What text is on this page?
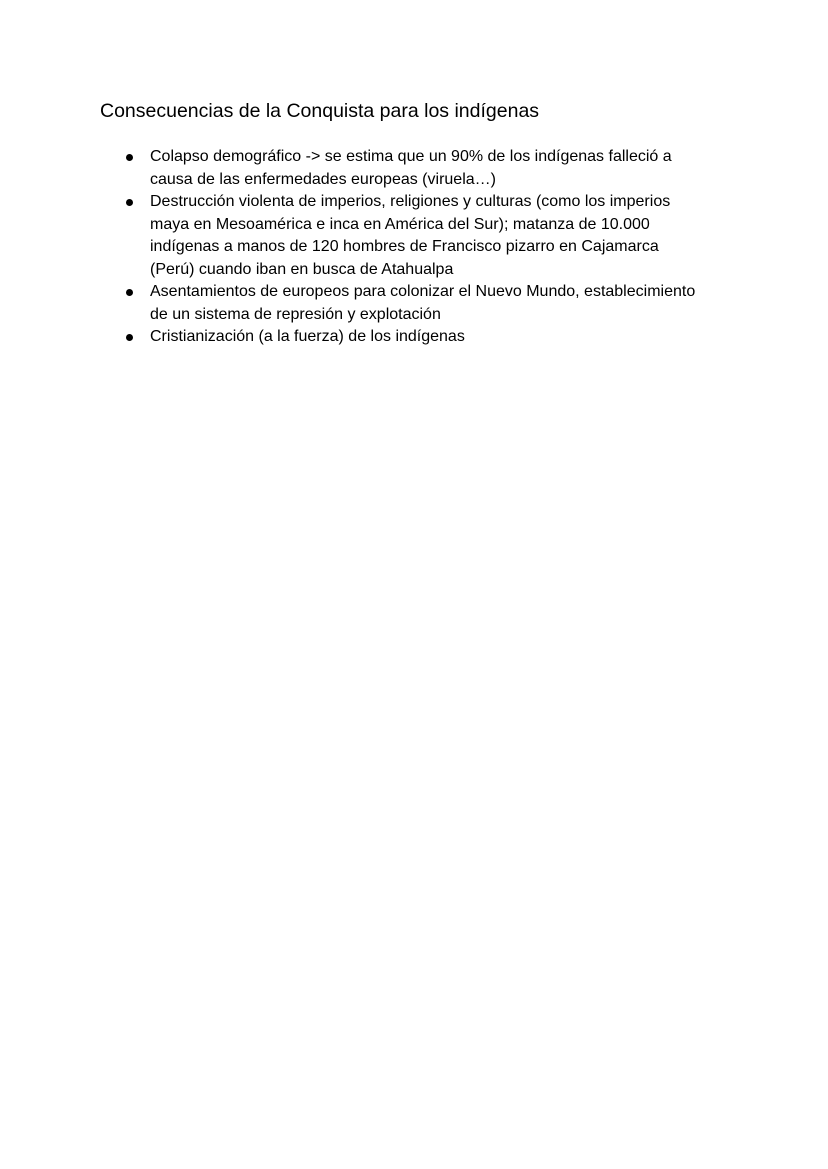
Consecuencias de la Conquista para los indígenas
Colapso demográfico -> se estima que un 90% de los indígenas falleció a
causa de las enfermedades europeas (viruela…)
Destrucción violenta de imperios, religiones y culturas (como los imperios
maya en Mesoamérica e inca en América del Sur); matanza de 10.000
indígenas a manos de 120 hombres de Francisco pizarro en Cajamarca
(Perú) cuando iban en busca de Atahualpa
Asentamientos de europeos para colonizar el Nuevo Mundo, establecimiento
de un sistema de represión y explotación
Cristianización (a la fuerza) de los indígenas
